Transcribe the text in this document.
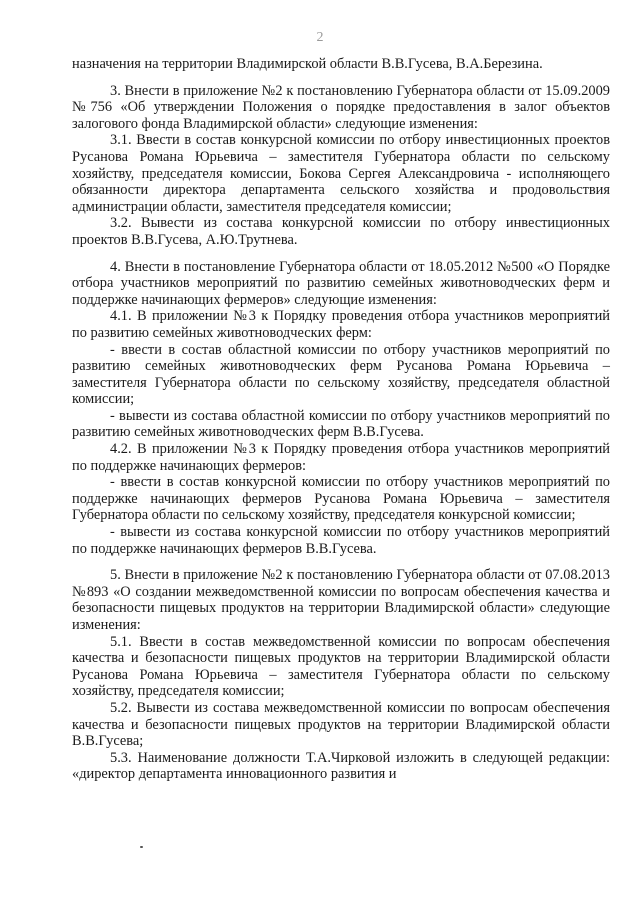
2

назначения на территории Владимирской области В.В.Гусева, В.А.Березина.

3. Внести в приложение №2 к постановлению Губернатора области от 15.09.2009 №756 «Об утверждении Положения о порядке предоставления в залог объектов залогового фонда Владимирской области» следующие изменения:

3.1. Ввести в состав конкурсной комиссии по отбору инвестиционных проектов Русанова Романа Юрьевича – заместителя Губернатора области по сельскому хозяйству, председателя комиссии, Бокова Сергея Александровича - исполняющего обязанности директора департамента сельского хозяйства и продовольствия администрации области, заместителя председателя комиссии;

3.2. Вывести из состава конкурсной комиссии по отбору инвестиционных проектов В.В.Гусева, А.Ю.Трутнева.

4. Внести в постановление Губернатора области от 18.05.2012 №500 «О Порядке отбора участников мероприятий по развитию семейных животноводческих ферм и поддержке начинающих фермеров» следующие изменения:

4.1. В приложении №3 к Порядку проведения отбора участников мероприятий по развитию семейных животноводческих ферм:

- ввести в состав областной комиссии по отбору участников мероприятий по развитию семейных животноводческих ферм Русанова Романа Юрьевича – заместителя Губернатора области по сельскому хозяйству, председателя областной комиссии;

- вывести из состава областной комиссии по отбору участников мероприятий по развитию семейных животноводческих ферм В.В.Гусева.

4.2. В приложении №3 к Порядку проведения отбора участников мероприятий по поддержке начинающих фермеров:

- ввести в состав конкурсной комиссии по отбору участников мероприятий по поддержке начинающих фермеров Русанова Романа Юрьевича – заместителя Губернатора области по сельскому хозяйству, председателя конкурсной комиссии;

- вывести из состава конкурсной комиссии по отбору участников мероприятий по поддержке начинающих фермеров В.В.Гусева.

5. Внести в приложение №2 к постановлению Губернатора области от 07.08.2013 №893 «О создании межведомственной комиссии по вопросам обеспечения качества и безопасности пищевых продуктов на территории Владимирской области» следующие изменения:

5.1. Ввести в состав межведомственной комиссии по вопросам обеспечения качества и безопасности пищевых продуктов на территории Владимирской области Русанова Романа Юрьевича – заместителя Губернатора области по сельскому хозяйству, председателя комиссии;

5.2. Вывести из состава межведомственной комиссии по вопросам обеспечения качества и безопасности пищевых продуктов на территории Владимирской области В.В.Гусева;

5.3. Наименование должности Т.А.Чирковой изложить в следующей редакции: «директор департамента инновационного развития и
